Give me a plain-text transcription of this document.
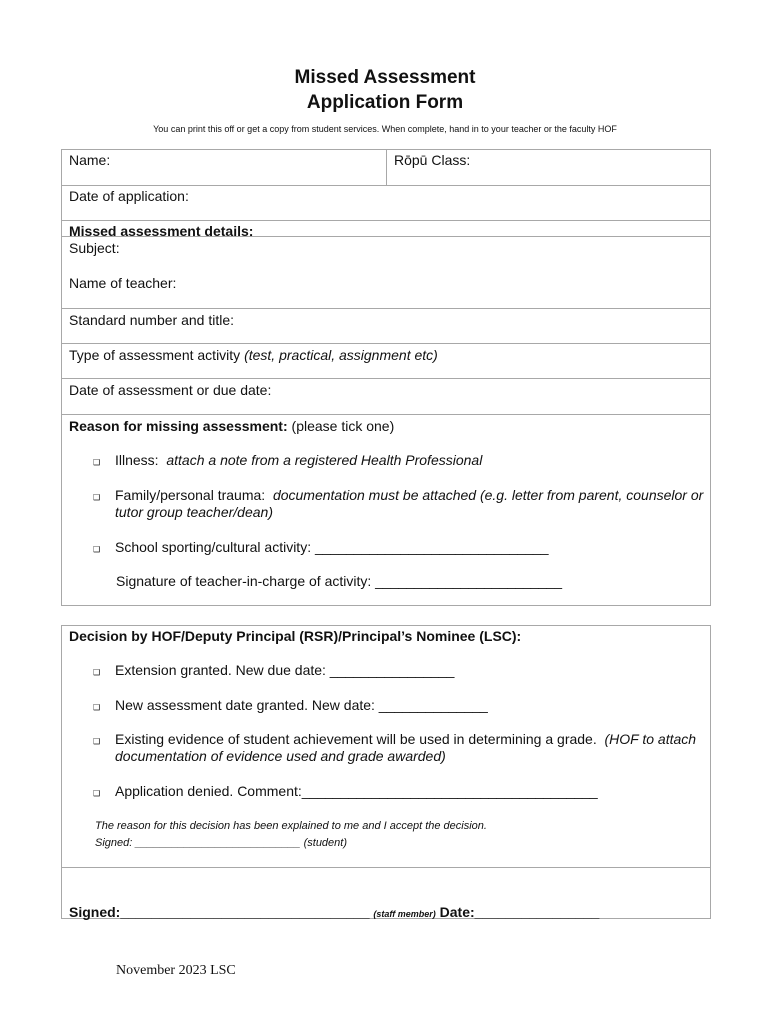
Missed Assessment
Application Form
You can print this off or get a copy from student services. When complete, hand in to your teacher or the faculty HOF
Name:	Rōpū Class:
Date of application:
Missed assessment details:
Subject:
Name of teacher:
Standard number and title:
Type of assessment activity (test, practical, assignment etc)
Date of assessment or due date:
Reason for missing assessment: (please tick one)
❑ Illness: attach a note from a registered Health Professional
❑ Family/personal trauma: documentation must be attached (e.g. letter from parent, counselor or tutor group teacher/dean)
❑ School sporting/cultural activity: ______________________________
Signature of teacher-in-charge of activity: ________________________
Decision by HOF/Deputy Principal (RSR)/Principal’s Nominee (LSC):
❑ Extension granted. New due date: ________________
❑ New assessment date granted. New date: ______________
❑ Existing evidence of student achievement will be used in determining a grade. (HOF to attach documentation of evidence used and grade awarded)
❑ Application denied. Comment:______________________________________
The reason for this decision has been explained to me and I accept the decision.
Signed: ___________________________ (student)
Signed:________________________________ (staff member) Date:________________
November 2023 LSC
